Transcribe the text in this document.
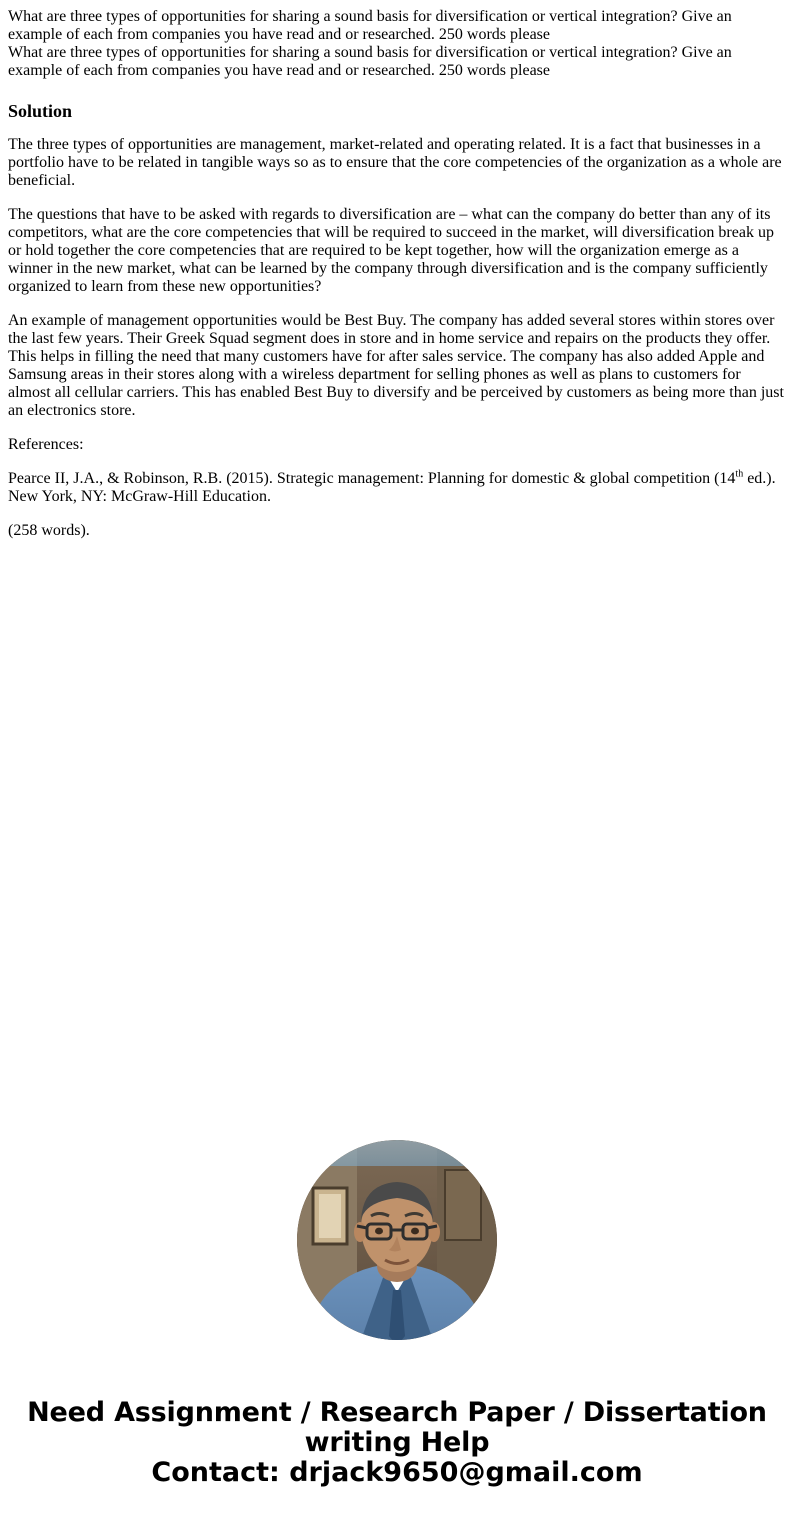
What are three types of opportunities for sharing a sound basis for diversification or vertical integration? Give an example of each from companies you have read and or researched. 250 words please

What are three types of opportunities for sharing a sound basis for diversification or vertical integration? Give an example of each from companies you have read and or researched. 250 words please

Solution

The three types of opportunities are management, market-related and operating related. It is a fact that businesses in a portfolio have to be related in tangible ways so as to ensure that the core competencies of the organization as a whole are beneficial.

The questions that have to be asked with regards to diversification are – what can the company do better than any of its competitors, what are the core competencies that will be required to succeed in the market, will diversification break up or hold together the core competencies that are required to be kept together, how will the organization emerge as a winner in the new market, what can be learned by the company through diversification and is the company sufficiently organized to learn from these new opportunities?

An example of management opportunities would be Best Buy. The company has added several stores within stores over the last few years. Their Greek Squad segment does in store and in home service and repairs on the products they offer. This helps in filling the need that many customers have for after sales service. The company has also added Apple and Samsung areas in their stores along with a wireless department for selling phones as well as plans to customers for almost all cellular carriers. This has enabled Best Buy to diversify and be perceived by customers as being more than just an electronics store.

References:

Pearce II, J.A., & Robinson, R.B. (2015). Strategic management: Planning for domestic & global competition (14th ed.). New York, NY: McGraw-Hill Education.

(258 words).

Need Assignment / Research Paper / Dissertation writing Help
Contact: drjack9650@gmail.com
